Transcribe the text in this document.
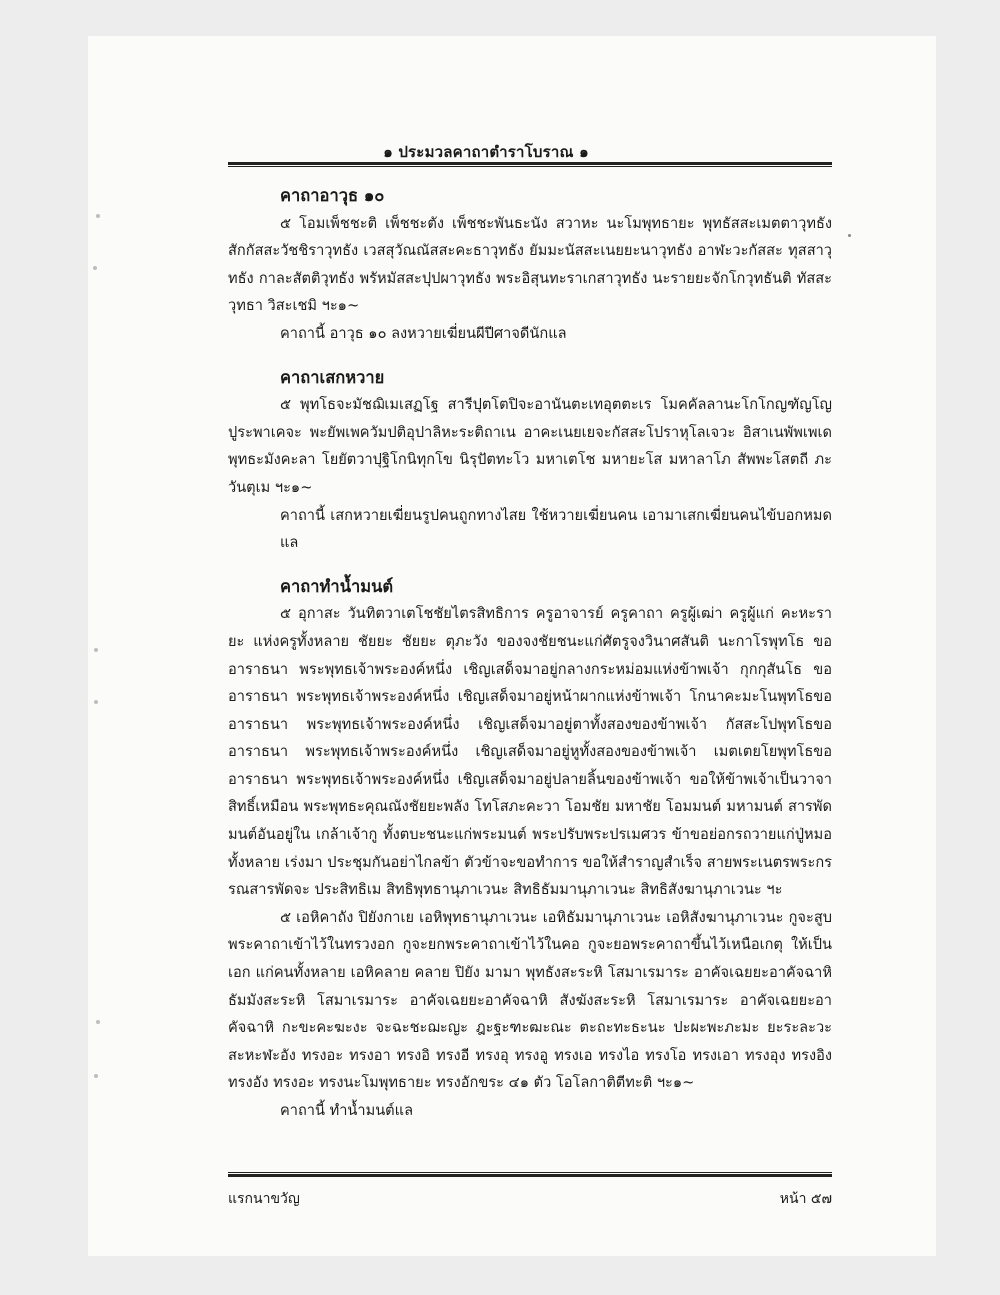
๑ ประมวลคาถาตำราโบราณ ๑
คาถาอาวุธ ๑๐

๕ โอมเพ็ชชะติ เพ็ชชะตัง เพ็ชชะพันธะนัง สวาหะ นะโมพุทธายะ พุทธัสสะเมตตาวุทธัง สักกัสสะวัชชิราวุทธัง เวสสุวัณณัสสะคะธาวุทธัง ยัมมะนัสสะเนยยะนาวุทธัง อาฬะวะกัสสะ ทุสสาวุทธัง กาละสัตติวุทธัง พรัหมัสสะปุปผาวุทธัง พระอิสุนทะราเกสาวุทธัง นะรายยะจักโกวุทธันติ ทัสสะวุทธา วิสะเชมิ ฯะ๑~

คาถานี้ อาวุธ ๑๐ ลงหวายเฆี่ยนผีปีศาจดีนักแล

คาถาเสกหวาย

๕ พุทโธจะมัชฌิเมเสฏโฐ สารีปุตโตปิจะอานันตะเทอุตตะเร โมคคัลลานะโกโกญฑัญโญ ปูระพาเคจะ พะยัพเพควัมปติอุปาลิหะระติถาเน อาคะเนยเยจะกัสสะโปราหุโลเจวะ อิสาเนพัพเพเด พุทธะมังคะลา โยยัตวาปุฐิโกนิทุกโข นิรุปัตทะโว มหาเตโช มหายะโส มหาลาโภ สัพพะโสตถี ภะวันตุเม ฯะ๑~

คาถานี้ เสกหวายเฆี่ยนรูปคนถูกทางไสย ใช้หวายเฆี่ยนคน เอามาเสกเฆี่ยนคนไข้บอกหมดแล

คาถาทำน้ำมนต์

๕ อุกาสะ วันทิตวาเตโชชัยไตรสิทธิการ ครูอาจารย์ ครูคาถา ครูผู้เฒ่า ครูผู้แก่ คะหะรายะ แห่งครูทั้งหลาย ชัยยะ ชัยยะ ตุภะวัง ของจงชัยชนะแก่ศัตรูจงวินาศสันติ นะกาโรพุทโธ ขออาราธนา พระพุทธเจ้าพระองค์หนึ่ง เชิญเสด็จมาอยู่กลางกระหม่อมแห่งข้าพเจ้า กุกกุสันโธ ขออาราธนา พระพุทธเจ้าพระองค์หนึ่ง เชิญเสด็จมาอยู่หน้าผากแห่งข้าพเจ้า โกนาคะมะโนพุทโธขออาราธนา พระพุทธเจ้าพระองค์หนึ่ง เชิญเสด็จมาอยู่ตาทั้งสองของข้าพเจ้า กัสสะโปพุทโธขออาราธนา พระพุทธเจ้าพระองค์หนึ่ง เชิญเสด็จมาอยู่หูทั้งสองของข้าพเจ้า เมตเตยโยพุทโธขออาราธนา พระพุทธเจ้าพระองค์หนึ่ง เชิญเสด็จมาอยู่ปลายลิ้นของข้าพเจ้า ขอให้ข้าพเจ้าเป็นวาจาสิทธิ์เหมือน พระพุทธะคุณณังชัยยะพลัง โทโสภะคะวา โอมชัย มหาชัย โอมมนต์ มหามนต์ สารพัดมนต์อันอยู่ใน เกล้าเจ้ากู ทั้งตบะชนะแก่พระมนต์ พระปรับพระปรเมศวร ข้าขอย่อกรถวายแก่ปู่หมอทั้งหลาย เร่งมา ประชุมกันอย่าไกลข้า ตัวข้าจะขอทำการ ขอให้สำราญสำเร็จ สายพระเนตรพระกรรณสารพัดจะ ประสิทธิเม สิทธิพุทธานุภาเวนะ สิทธิธัมมานุภาเวนะ สิทธิสังฆานุภาเวนะ ฯะ

๕ เอหิคาถัง ปิยังกาเย เอหิพุทธานุภาเวนะ เอหิธัมมานุภาเวนะ เอหิสังฆานุภาเวนะ กูจะสูบ พระคาถาเข้าไว้ในทรวงอก กูจะยกพระคาถาเข้าไว้ในคอ กูจะยอพระคาถาขึ้นไว้เหนือเกตุ ให้เป็นเอก แก่คนทั้งหลาย เอหิคลาย คลาย ปิยัง มามา พุทธังสะระหิ โสมาเรมาระ อาคัจเฉยยะอาคัจฉาหิ ธัมมังสะระหิ โสมาเรมาระ อาคัจเฉยยะอาคัจฉาหิ สังฆังสะระหิ โสมาเรมาระ อาคัจเฉยยะอาคัจฉาหิ กะขะคะฆะงะ จะฉะชะฌะญะ ฎะฐะฑะฒะณะ ตะถะทะธะนะ ปะผะพะภะมะ ยะระละวะ สะหะฬะอัง ทรงอะ ทรงอา ทรงอิ ทรงอี ทรงอุ ทรงอู ทรงเอ ทรงไอ ทรงโอ ทรงเอา ทรงอุง ทรงอิง ทรงอัง ทรงอะ ทรงนะโมพุทธายะ ทรงอักขระ ๔๑ ตัว โอโลกาติตีทะติ ฯะ๑~

คาถานี้ ทำน้ำมนต์แล

แรกนาขวัญ	หน้า ๕๗
